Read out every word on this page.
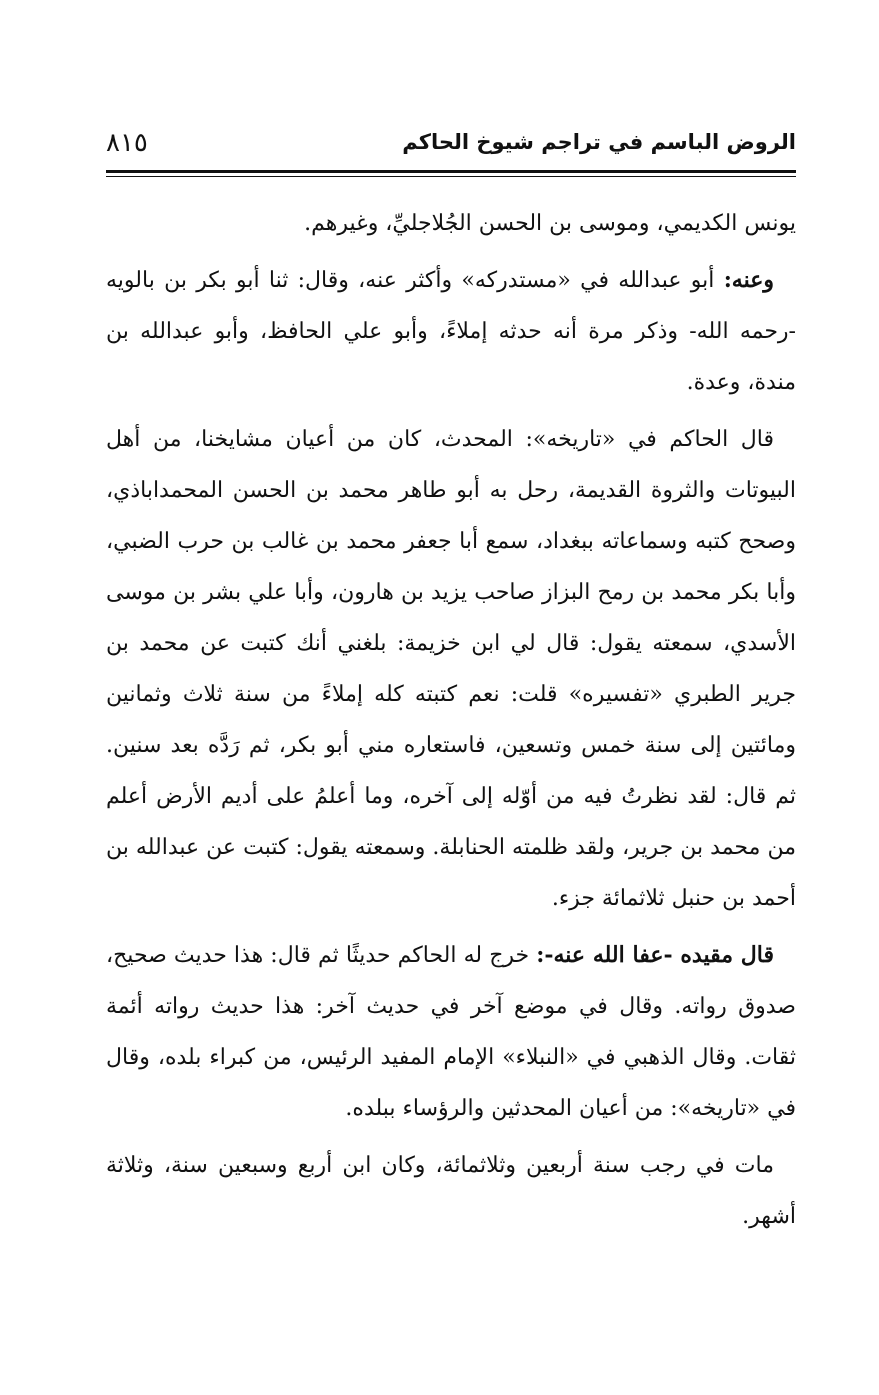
الروض الباسم في تراجم شيوخ الحاكم
٨١٥

يونس الكديمي، وموسى بن الحسن الجُلاجليِّ، وغيرهم.

وعنه: أبو عبدالله في «مستدركه» وأكثر عنه، وقال: ثنا أبو بكر بن بالويه -رحمه الله- وذكر مرة أنه حدثه إملاءً، وأبو علي الحافظ، وأبو عبدالله بن مندة، وعدة.

قال الحاكم في «تاريخه»: المحدث، كان من أعيان مشايخنا، من أهل البيوتات والثروة القديمة، رحل به أبو طاهر محمد بن الحسن المحمداباذي، وصحح كتبه وسماعاته ببغداد، سمع أبا جعفر محمد بن غالب بن حرب الضبي، وأبا بكر محمد بن رمح البزاز صاحب يزيد بن هارون، وأبا علي بشر بن موسى الأسدي، سمعته يقول: قال لي ابن خزيمة: بلغني أنك كتبت عن محمد بن جرير الطبري «تفسيره» قلت: نعم كتبته كله إملاءً من سنة ثلاث وثمانين ومائتين إلى سنة خمس وتسعين، فاستعاره مني أبو بكر، ثم رَدَّه بعد سنين. ثم قال: لقد نظرتُ فيه من أوّله إلى آخره، وما أعلمُ على أديم الأرض أعلم من محمد بن جرير، ولقد ظلمته الحنابلة. وسمعته يقول: كتبت عن عبدالله بن أحمد بن حنبل ثلاثمائة جزء.

قال مقيده -عفا الله عنه-: خرج له الحاكم حديثًا ثم قال: هذا حديث صحيح، صدوق رواته. وقال في موضع آخر في حديث آخر: هذا حديث رواته أئمة ثقات. وقال الذهبي في «النبلاء» الإمام المفيد الرئيس، من كبراء بلده، وقال في «تاريخه»: من أعيان المحدثين والرؤساء ببلده.

مات في رجب سنة أربعين وثلاثمائة، وكان ابن أربع وسبعين سنة، وثلاثة أشهر.
